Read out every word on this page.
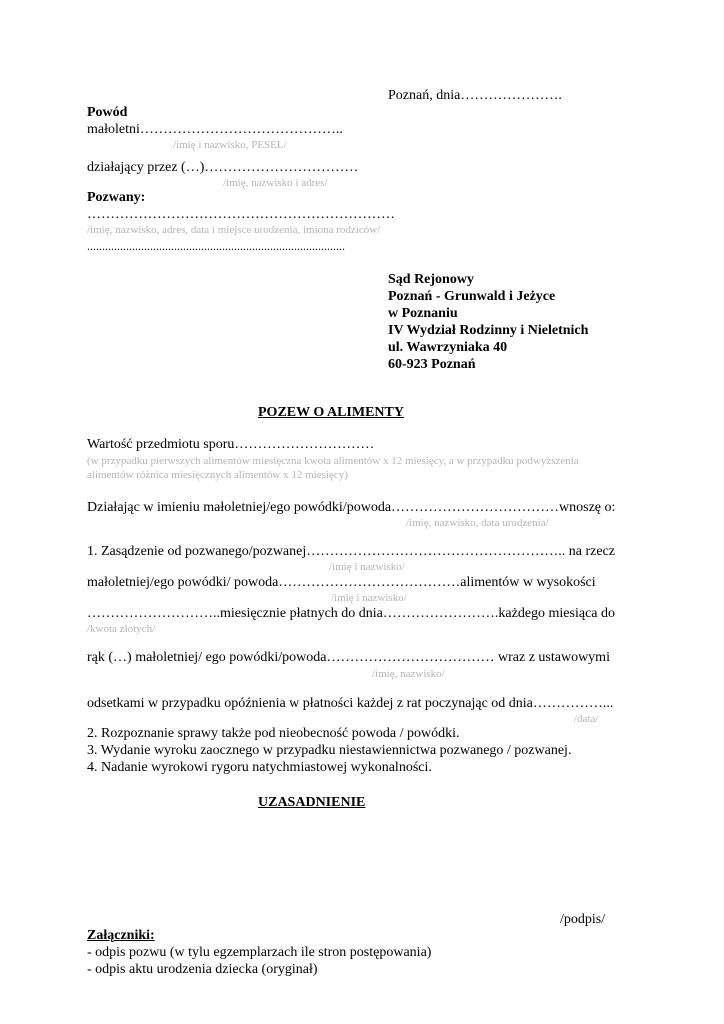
Poznań, dnia………………….
Powód
małoletni……………………………………..
/imię i nazwisko, PESEL/
działający przez (…)……………………………
/imię, nazwisko i adres/
Pozwany:
…………………………………………………………
/imię, nazwisko, adres, data i miejsce urodzenia, imiona rodziców/
......................................................................................
Sąd Rejonowy
Poznań - Grunwald i Jeżyce
w Poznaniu
IV Wydział Rodzinny i Nieletnich
ul. Wawrzyniaka 40
60-923 Poznań
POZEW O ALIMENTY
Wartość przedmiotu sporu…………………………
(w przypadku pierwszych alimentów miesięczna kwota alimentów x 12 miesięcy, a w przypadku podwyższenia
alimentów różnica miesięcznych alimentów x 12 miesięcy)
Działając w imieniu małoletniej/ego powódki/powoda………………………………wnoszę o:
/imię, nazwisko, data urodzenia/
1. Zasądzenie od pozwanego/pozwanej……………………………………………….. na rzecz
/imię i nazwisko/
małoletniej/ego powódki/ powoda…………………………………alimentów w wysokości
/imię i nazwisko/
………………………..miesięcznie płatnych do dnia…………………….każdego miesiąca do
/kwota złotych/
rąk (…) małoletniej/ ego powódki/powoda……………………………… wraz z ustawowymi
/imię, nazwisko/
odsetkami w przypadku opóźnienia w płatności każdej z rat poczynając od dnia……………...
/data/
2. Rozpoznanie sprawy także pod nieobecność powoda / powódki.
3. Wydanie wyroku zaocznego w przypadku niestawiennictwa pozwanego / pozwanej.
4. Nadanie wyrokowi rygoru natychmiastowej wykonalności.
UZASADNIENIE
/podpis/
Załączniki:
- odpis pozwu (w tylu egzemplarzach ile stron postępowania)
- odpis aktu urodzenia dziecka (oryginał)
